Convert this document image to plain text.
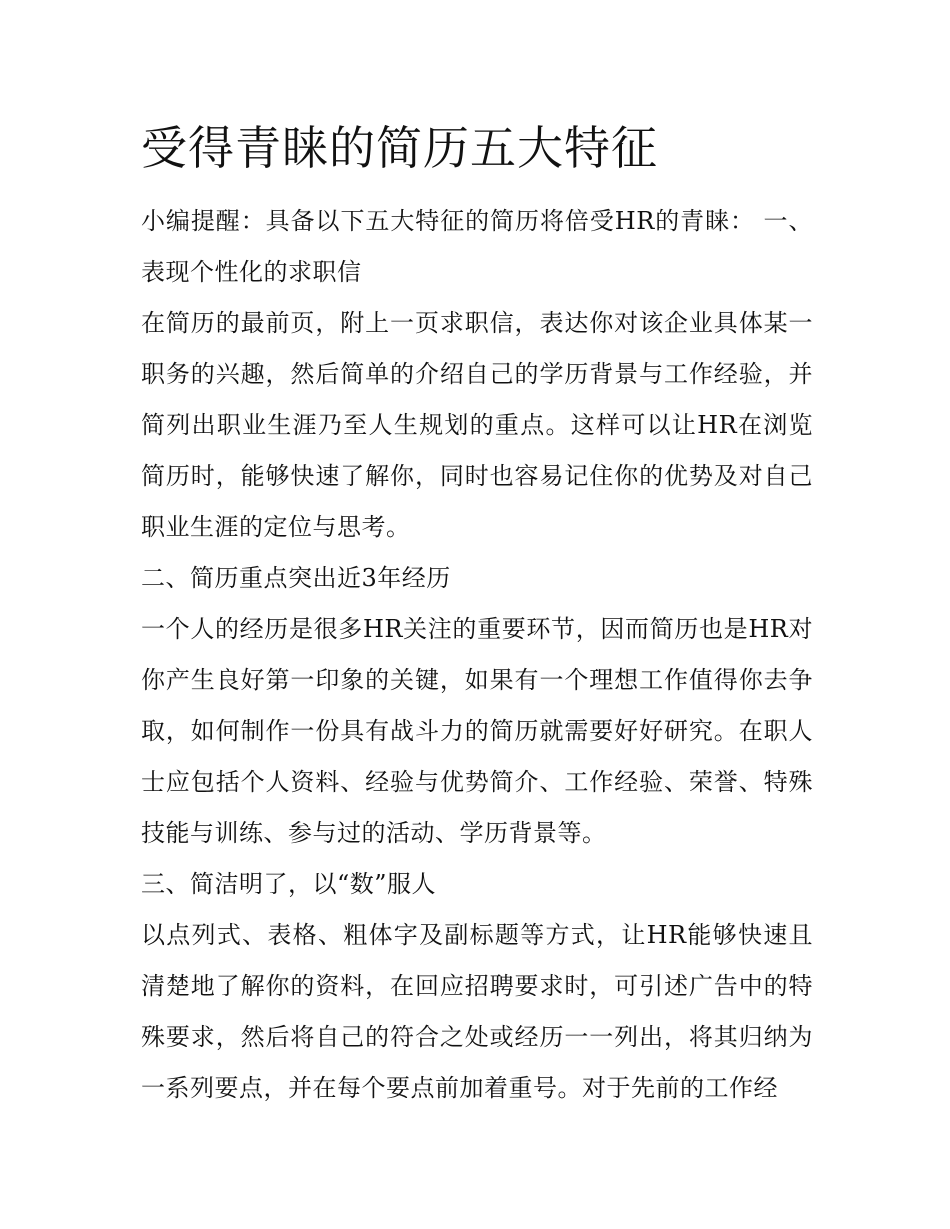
受得青睐的简历五大特征

小编提醒：具备以下五大特征的简历将倍受HR的青睐： 一、表现个性化的求职信

在简历的最前页，附上一页求职信，表达你对该企业具体某一职务的兴趣，然后简单的介绍自己的学历背景与工作经验，并简列出职业生涯乃至人生规划的重点。这样可以让HR在浏览简历时，能够快速了解你，同时也容易记住你的优势及对自己职业生涯的定位与思考。

二、简历重点突出近3年经历

一个人的经历是很多HR关注的重要环节，因而简历也是HR对你产生良好第一印象的关键，如果有一个理想工作值得你去争取，如何制作一份具有战斗力的简历就需要好好研究。在职人士应包括个人资料、经验与优势简介、工作经验、荣誉、特殊技能与训练、参与过的活动、学历背景等。

三、简洁明了，以“数”服人

以点列式、表格、粗体字及副标题等方式，让HR能够快速且清楚地了解你的资料，在回应招聘要求时，可引述广告中的特殊要求，然后将自己的符合之处或经历一一列出，将其归纳为一系列要点，并在每个要点前加着重号。对于先前的工作经
